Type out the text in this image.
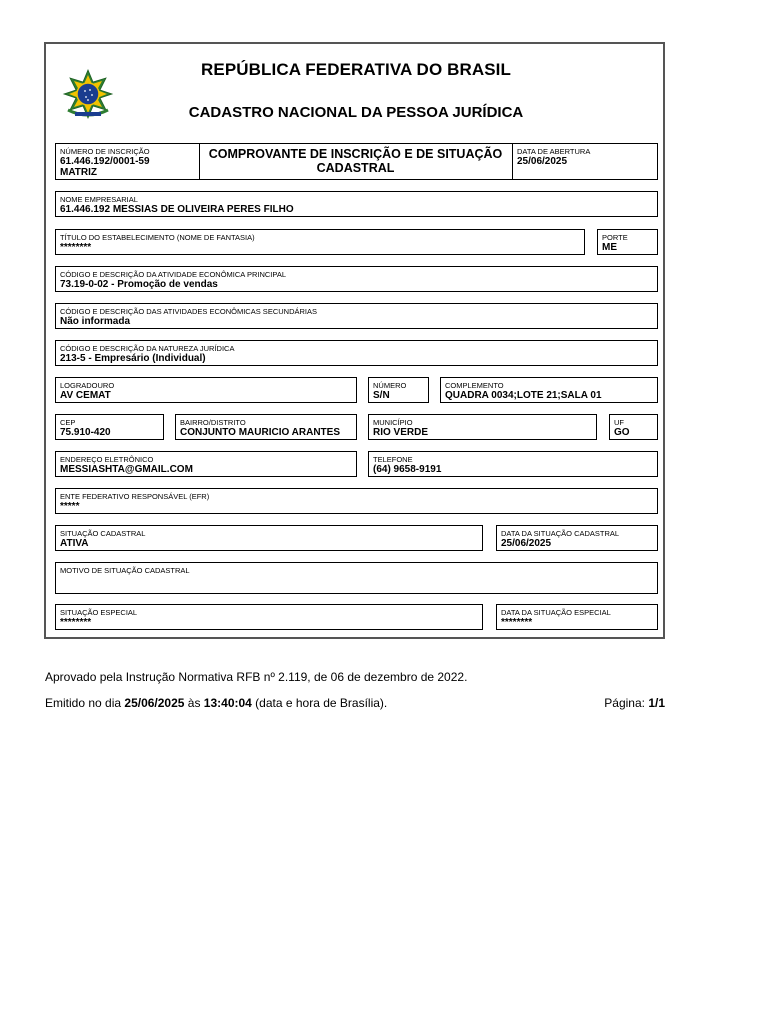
REPÚBLICA FEDERATIVA DO BRASIL
CADASTRO NACIONAL DA PESSOA JURÍDICA
NÚMERO DE INSCRIÇÃO
61.446.192/0001-59
MATRIZ
COMPROVANTE DE INSCRIÇÃO E DE SITUAÇÃO CADASTRAL
DATA DE ABERTURA
25/06/2025
NOME EMPRESARIAL
61.446.192 MESSIAS DE OLIVEIRA PERES FILHO
TÍTULO DO ESTABELECIMENTO (NOME DE FANTASIA)
********
PORTE
ME
CÓDIGO E DESCRIÇÃO DA ATIVIDADE ECONÔMICA PRINCIPAL
73.19-0-02 - Promoção de vendas
CÓDIGO E DESCRIÇÃO DAS ATIVIDADES ECONÔMICAS SECUNDÁRIAS
Não informada
CÓDIGO E DESCRIÇÃO DA NATUREZA JURÍDICA
213-5 - Empresário (Individual)
LOGRADOURO
AV CEMAT
NÚMERO
S/N
COMPLEMENTO
QUADRA 0034;LOTE 21;SALA 01
CEP
75.910-420
BAIRRO/DISTRITO
CONJUNTO MAURICIO ARANTES
MUNICÍPIO
RIO VERDE
UF
GO
ENDEREÇO ELETRÔNICO
MESSIASHTA@GMAIL.COM
TELEFONE
(64) 9658-9191
ENTE FEDERATIVO RESPONSÁVEL (EFR)
*****
SITUAÇÃO CADASTRAL
ATIVA
DATA DA SITUAÇÃO CADASTRAL
25/06/2025
MOTIVO DE SITUAÇÃO CADASTRAL
SITUAÇÃO ESPECIAL
********
DATA DA SITUAÇÃO ESPECIAL
********
Aprovado pela Instrução Normativa RFB nº 2.119, de 06 de dezembro de 2022.
Emitido no dia 25/06/2025 às 13:40:04 (data e hora de Brasília).	Página: 1/1
